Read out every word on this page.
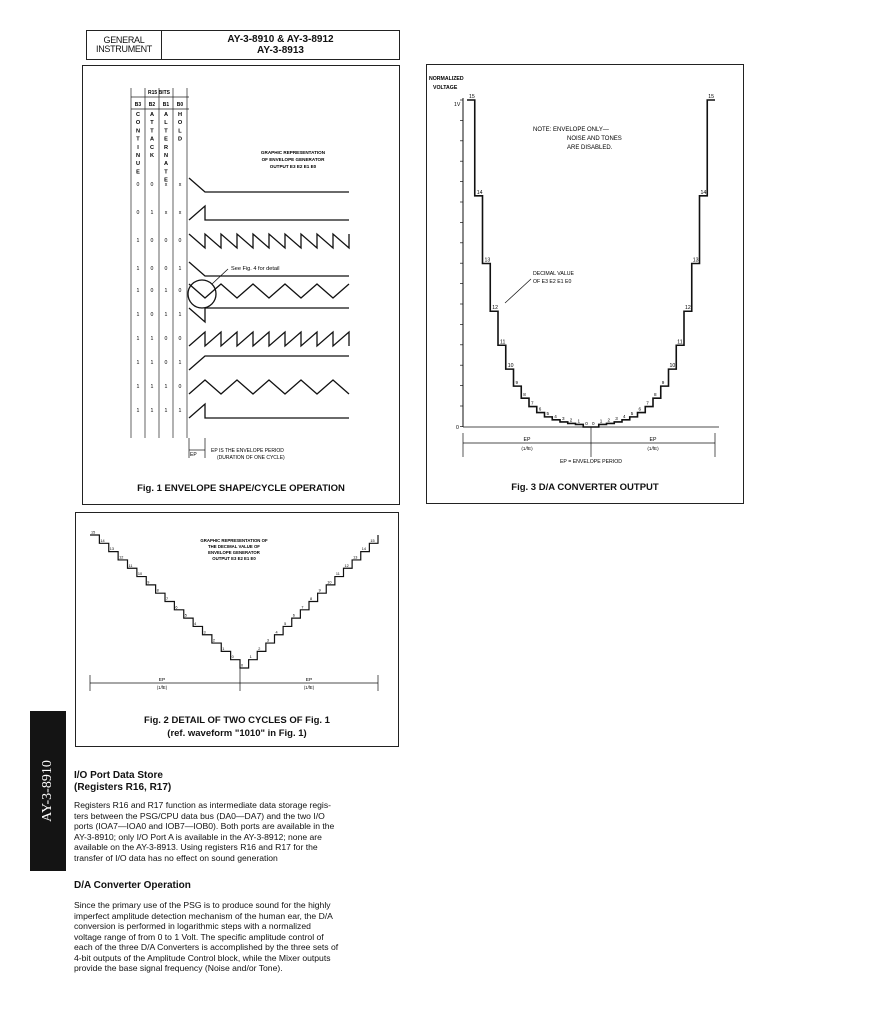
GENERAL
INSTRUMENT
AY-3-8910 & AY-3-8912
AY-3-8913
R15 BITS
B3 B2 B1 B0
C
O
N
T
I
N
U
E
A
T
T
A
C
K
A
L
T
E
R
N
A
T
E
H
O
L
D
GRAPHIC REPRESENTATION
OF ENVELOPE GENERATOR
OUTPUT E3 E2 E1 E0
0 0 x x
0 1 x x
1 0 0 0
1 0 0 1
1 0 1 0
1 0 1 1
1 1 0 0
1 1 0 1
1 1 1 0
1 1 1 1
See Fig. 4 for detail
EP
EP IS THE ENVELOPE PERIOD
(DURATION OF ONE CYCLE)
Fig. 1 ENVELOPE SHAPE/CYCLE OPERATION
GRAPHIC REPRESENTATION OF
THE DECIMAL VALUE OF
ENVELOPE GENERATOR
OUTPUT E3 E2 E1 E0
15
14
13
12
11
10
9
8
7
6
5
4
3
2
1
0
0
1
2
3
4
5
6
7
8
9
10
11
12
13
14
15
EP
(1/fE)
EP
(1/fE)
Fig. 2 DETAIL OF TWO CYCLES OF Fig. 1
(ref. waveform "1010" in Fig. 1)
NORMALIZED
VOLTAGE
1V
0
15
14
13
12
11
10
9
8
7
6
5
4 3 2 1
0 0
1 2 3 4
5
6
7
8
9
10
11
12
13
14
15
NOTE: ENVELOPE ONLY—
NOISE AND TONES
ARE DISABLED.
DECIMAL VALUE
OF E3 E2 E1 E0
EP
(1/fE)
EP
(1/fE)
EP = ENVELOPE PERIOD
Fig. 3 D/A CONVERTER OUTPUT
AY-3-8910 I/O Port Data Store
(Registers R16, R17)
Registers R16 and R17 function as intermediate data storage regis-
ters between the PSG/CPU data bus (DA0—DA7) and the two I/O
ports (IOA7—IOA0 and IOB7—IOB0). Both ports are available in the
AY-3-8910; only I/O Port A is available in the AY-3-8912; none are
available on the AY-3-8913. Using registers R16 and R17 for the
transfer of I/O data has no effect on sound generation
D/A Converter Operation
Since the primary use of the PSG is to produce sound for the highly
imperfect amplitude detection mechanism of the human ear, the D/A
conversion is performed in logarithmic steps with a normalized
voltage range of from 0 to 1 Volt. The specific amplitude control of
each of the three D/A Converters is accomplished by the three sets of
4-bit outputs of the Amplitude Control block, while the Mixer outputs
provide the base signal frequency (Noise and/or Tone).
